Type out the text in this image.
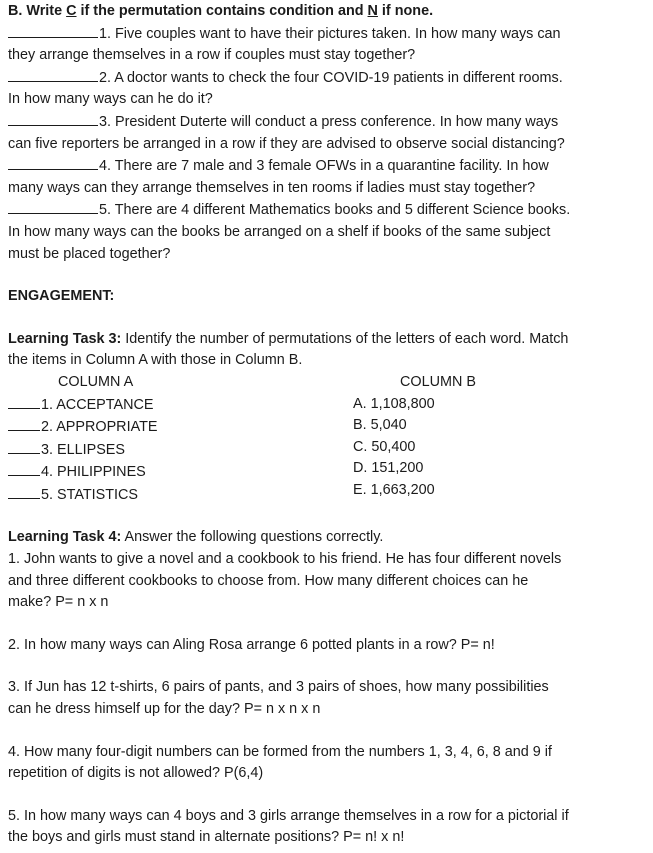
B. Write C if the permutation contains condition and N if none.

1. Five couples want to have their pictures taken. In how many ways can

they arrange themselves in a row if couples must stay together?

2. A doctor wants to check the four COVID-19 patients in different rooms.

In how many ways can he do it?

3. President Duterte will conduct a press conference. In how many ways

can five reporters be arranged in a row if they are advised to observe social distancing?

4. There are 7 male and 3 female OFWs in a quarantine facility. In how

many ways can they arrange themselves in ten rooms if ladies must stay together?

5. There are 4 different Mathematics books and 5 different Science books.

In how many ways can the books be arranged on a shelf if books of the same subject

must be placed together?

ENGAGEMENT:

Learning Task 3: Identify the number of permutations of the letters of each word. Match

the items in Column A with those in Column B.

COLUMN A

1. ACCEPTANCE

2. APPROPRIATE

3. ELLIPSES

4. PHILIPPINES

5. STATISTICS

COLUMN B

A. 1,108,800

B. 5,040

C. 50,400

D. 151,200

E. 1,663,200

Learning Task 4: Answer the following questions correctly.

1. John wants to give a novel and a cookbook to his friend. He has four different novels

and three different cookbooks to choose from. How many different choices can he

make? P= n x n

2. In how many ways can Aling Rosa arrange 6 potted plants in a row? P= n!

3. If Jun has 12 t-shirts, 6 pairs of pants, and 3 pairs of shoes, how many possibilities

can he dress himself up for the day? P= n x n x n

4. How many four-digit numbers can be formed from the numbers 1, 3, 4, 6, 8 and 9 if

repetition of digits is not allowed? P(6,4)

5. In how many ways can 4 boys and 3 girls arrange themselves in a row for a pictorial if

the boys and girls must stand in alternate positions? P= n! x n!
